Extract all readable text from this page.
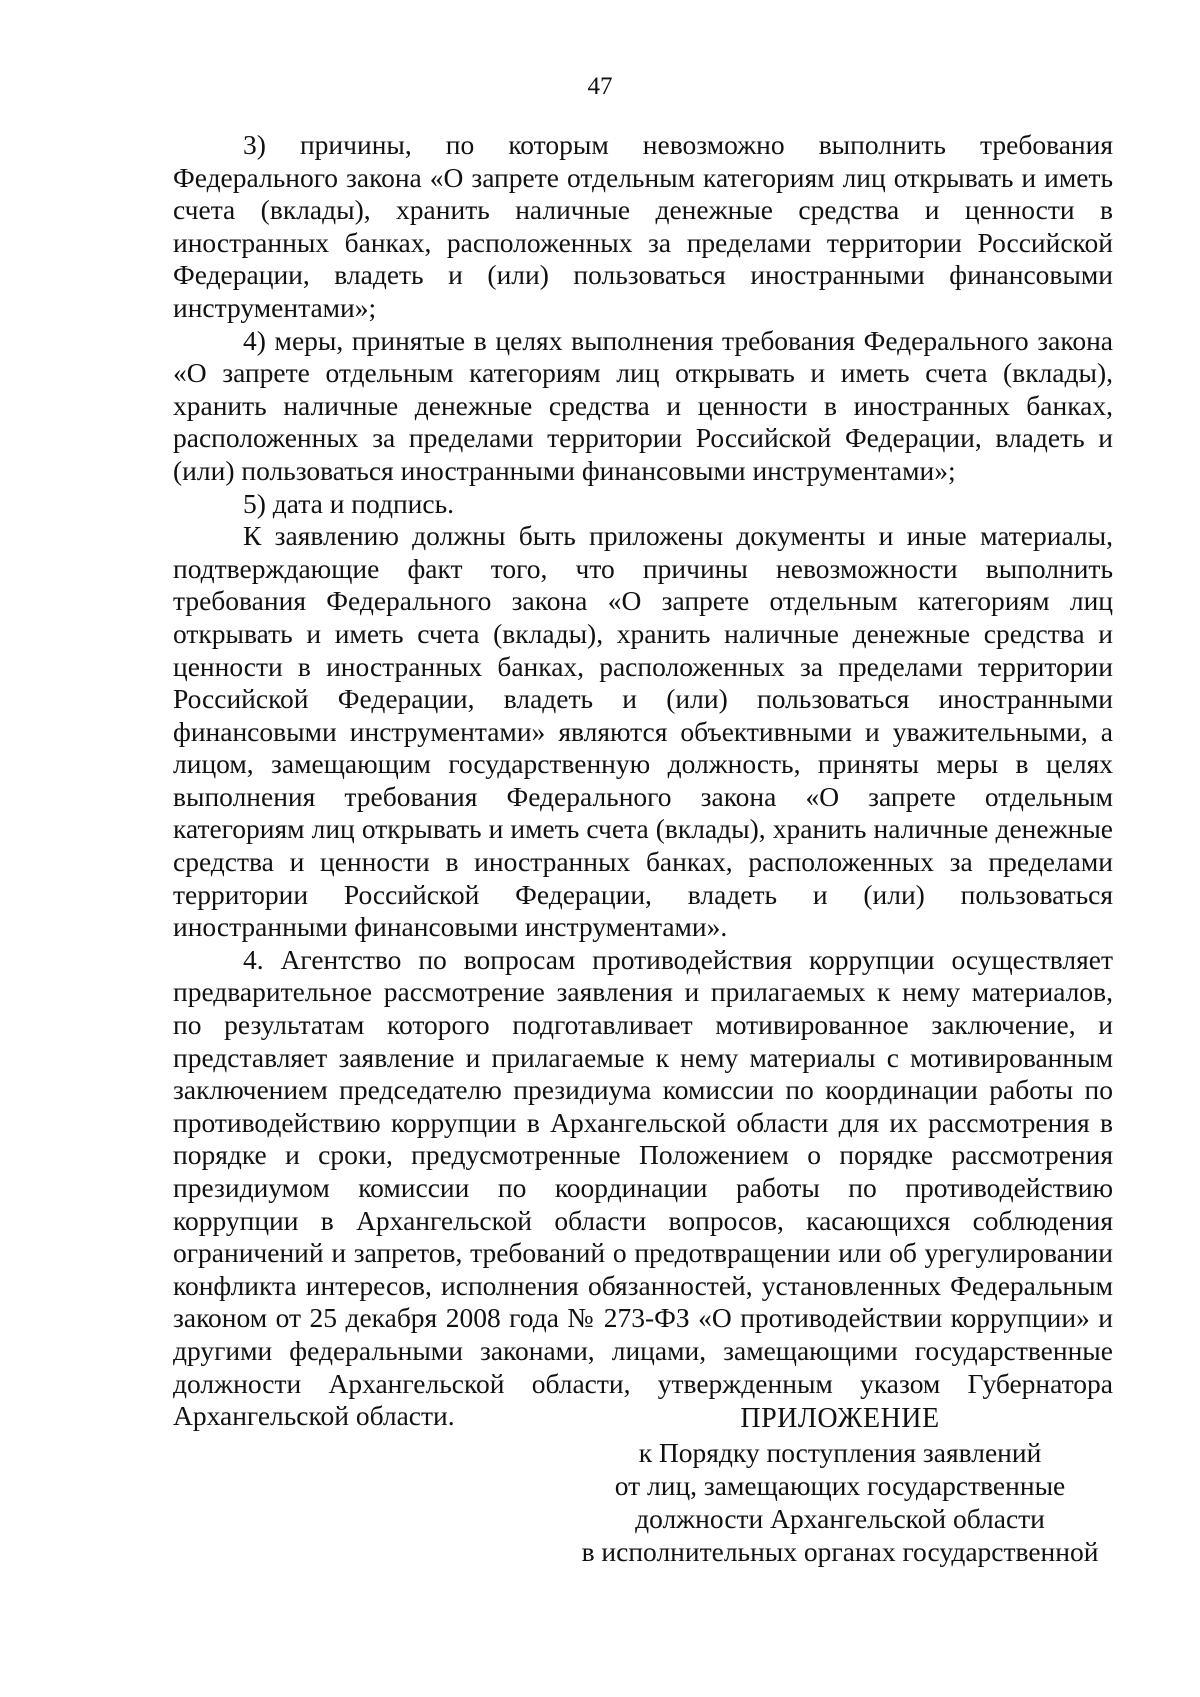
47

3) причины, по которым невозможно выполнить требования Федерального закона «О запрете отдельным категориям лиц открывать и иметь счета (вклады), хранить наличные денежные средства и ценности в иностранных банках, расположенных за пределами территории Российской Федерации, владеть и (или) пользоваться иностранными финансовыми инструментами»;

4) меры, принятые в целях выполнения требования Федерального закона «О запрете отдельным категориям лиц открывать и иметь счета (вклады), хранить наличные денежные средства и ценности в иностранных банках, расположенных за пределами территории Российской Федерации, владеть и (или) пользоваться иностранными финансовыми инструментами»;

5) дата и подпись.

К заявлению должны быть приложены документы и иные материалы, подтверждающие факт того, что причины невозможности выполнить требования Федерального закона «О запрете отдельным категориям лиц открывать и иметь счета (вклады), хранить наличные денежные средства и ценности в иностранных банках, расположенных за пределами территории Российской Федерации, владеть и (или) пользоваться иностранными финансовыми инструментами» являются объективными и уважительными, а лицом, замещающим государственную должность, приняты меры в целях выполнения требования Федерального закона «О запрете отдельным категориям лиц открывать и иметь счета (вклады), хранить наличные денежные средства и ценности в иностранных банках, расположенных за пределами территории Российской Федерации, владеть и (или) пользоваться иностранными финансовыми инструментами».

4. Агентство по вопросам противодействия коррупции осуществляет предварительное рассмотрение заявления и прилагаемых к нему материалов, по результатам которого подготавливает мотивированное заключение, и представляет заявление и прилагаемые к нему материалы с мотивированным заключением председателю президиума комиссии по координации работы по противодействию коррупции в Архангельской области для их рассмотрения в порядке и сроки, предусмотренные Положением о порядке рассмотрения президиумом комиссии по координации работы по противодействию коррупции в Архангельской области вопросов, касающихся соблюдения ограничений и запретов, требований о предотвращении или об урегулировании конфликта интересов, исполнения обязанностей, установленных Федеральным законом от 25 декабря 2008 года № 273-ФЗ «О противодействии коррупции» и другими федеральными законами, лицами, замещающими государственные должности Архангельской области, утвержденным указом Губернатора Архангельской области.	ПРИЛОЖЕНИЕ
к Порядку поступления заявлений
от лиц, замещающих государственные
должности Архангельской области
в исполнительных органах государственной
